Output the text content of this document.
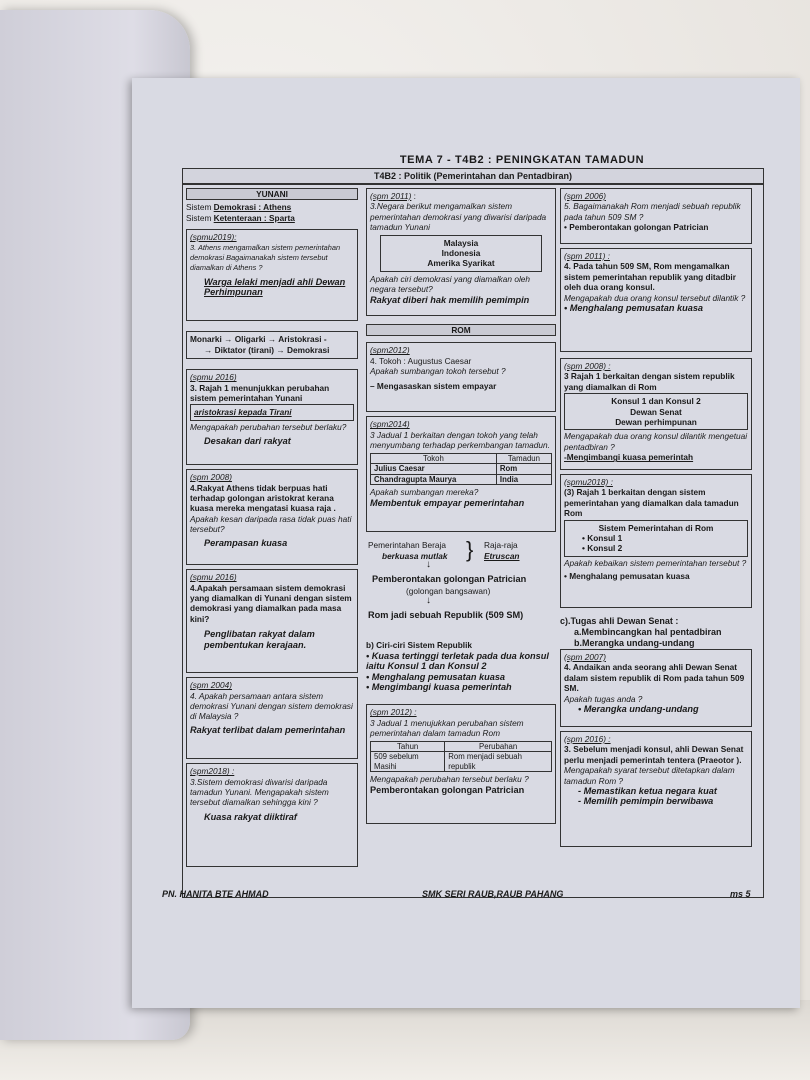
TEMA 7 - T4B2 : PENINGKATAN TAMADUN
T4B2 : Politik (Pemerintahan dan Pentadbiran)
YUNANI
Sistem Demokrasi : Athens
Sistem Ketenteraan : Sparta
(spmu2019):
3. Athens mengamalkan sistem pemerintahan demokrasi Bagaimanakah sistem tersebut diamalkan di Athens ?
Warga lelaki menjadi ahli Dewan Perhimpunan
Monarki → Oligarki → Aristokrasi -
→ Diktator (tirani) → Demokrasi
(spmu 2016)
3. Rajah 1 menunjukkan perubahan sistem pemerintahan Yunani
aristokrasi kepada Tirani
Mengapakah perubahan tersebut berlaku?
Desakan dari rakyat
(spm 2008)
4.Rakyat Athens tidak berpuas hati terhadap golongan aristokrat kerana kuasa mereka mengatasi kuasa raja .
Apakah kesan daripada rasa tidak puas hati tersebut?
Perampasan kuasa
(spmu 2016)
4.Apakah persamaan sistem demokrasi yang diamalkan di Yunani dengan sistem demokrasi yang diamalkan pada masa kini?
Penglibatan rakyat dalam pembentukan kerajaan.
(spm 2004)
4. Apakah persamaan antara sistem demokrasi Yunani dengan sistem demokrasi di Malaysia ?
Rakyat terlibat dalam pemerintahan
(spm2018) :
3.Sistem demokrasi diwarisi daripada tamadun Yunani. Mengapakah sistem tersebut diamalkan sehingga kini ?
Kuasa rakyat diiktiraf
(spm 2011) :
3.Negara berikut mengamalkan sistem pemerintahan demokrasi yang diwarisi daripada tamadun Yunani
Malaysia
Indonesia
Amerika Syarikat
Apakah ciri demokrasi yang diamalkan oleh negara tersebut?
Rakyat diberi hak memilih pemimpin
ROM
(spm2012)
4. Tokoh : Augustus Caesar
Apakah sumbangan tokoh tersebut ?
– Mengasaskan sistem empayar
(spm2014)
3 Jadual 1 berkaitan dengan tokoh yang telah menyumbang terhadap perkembangan tamadun.
Tokoh	Tamadun
Julius Caesar	Rom
Chandragupta Maurya	India
Apakah sumbangan mereka?
Membentuk empayar pemerintahan
Pemerintahan Beraja
berkuasa mutlak } Raja-raja
Etruscan
↓
Pemberontakan golongan Patrician
(golongan bangsawan)
↓
Rom jadi sebuah Republik (509 SM)
b) Ciri-ciri Sistem Republik
• Kuasa tertinggi terletak pada dua konsul iaitu Konsul 1 dan Konsul 2
• Menghalang pemusatan kuasa
• Mengimbangi kuasa pemerintah
(spm 2012) :
3 Jadual 1 menujukkan perubahan sistem pemerintahan dalam tamadun Rom
Tahun	Perubahan
509 sebelum Masihi	Rom menjadi sebuah republik
Mengapakah perubahan tersebut berlaku ?
Pemberontakan golongan Patrician
(spm 2006)
5. Bagaimanakah Rom menjadi sebuah republik pada tahun 509 SM ?
• Pemberontakan golongan Patrician
(spm 2011) :
4. Pada tahun 509 SM, Rom mengamalkan sistem pemerintahan republik yang ditadbir oleh dua orang konsul.
Mengapakah dua orang konsul tersebut dilantik ?
• Menghalang pemusatan kuasa
(spm 2008) :
3 Rajah 1 berkaitan dengan sistem republik yang diamalkan di Rom
Konsul 1 dan Konsul 2
Dewan Senat
Dewan perhimpunan
Mengapakah dua orang konsul dilantik mengetuai pentadbiran ?
-Mengimbangi kuasa pemerintah
(spmu2018) :
(3) Rajah 1 berkaitan dengan sistem pemerintahan yang diamalkan dala tamadun Rom
Sistem Pemerintahan di Rom
• Konsul 1
• Konsul 2
Apakah kebaikan sistem pemerintahan tersebut ?
• Menghalang pemusatan kuasa
c).Tugas ahli Dewan Senat :
a.Membincangkan hal pentadbiran
b.Merangka undang-undang
(spm 2007)
4. Andaikan anda seorang ahli Dewan Senat dalam sistem republik di Rom pada tahun 509 SM.
Apakah tugas anda ?
• Merangka undang-undang
(spm 2016) :
3. Sebelum menjadi konsul, ahli Dewan Senat perlu menjadi pemerintah tentera (Praeotor ).
Mengapakah syarat tersebut ditetapkan dalam tamadun Rom ?
- Memastikan ketua negara kuat
- Memilih pemimpin berwibawa
PN. HANITA BTE AHMAD	SMK SERI RAUB,RAUB PAHANG	ms 5
